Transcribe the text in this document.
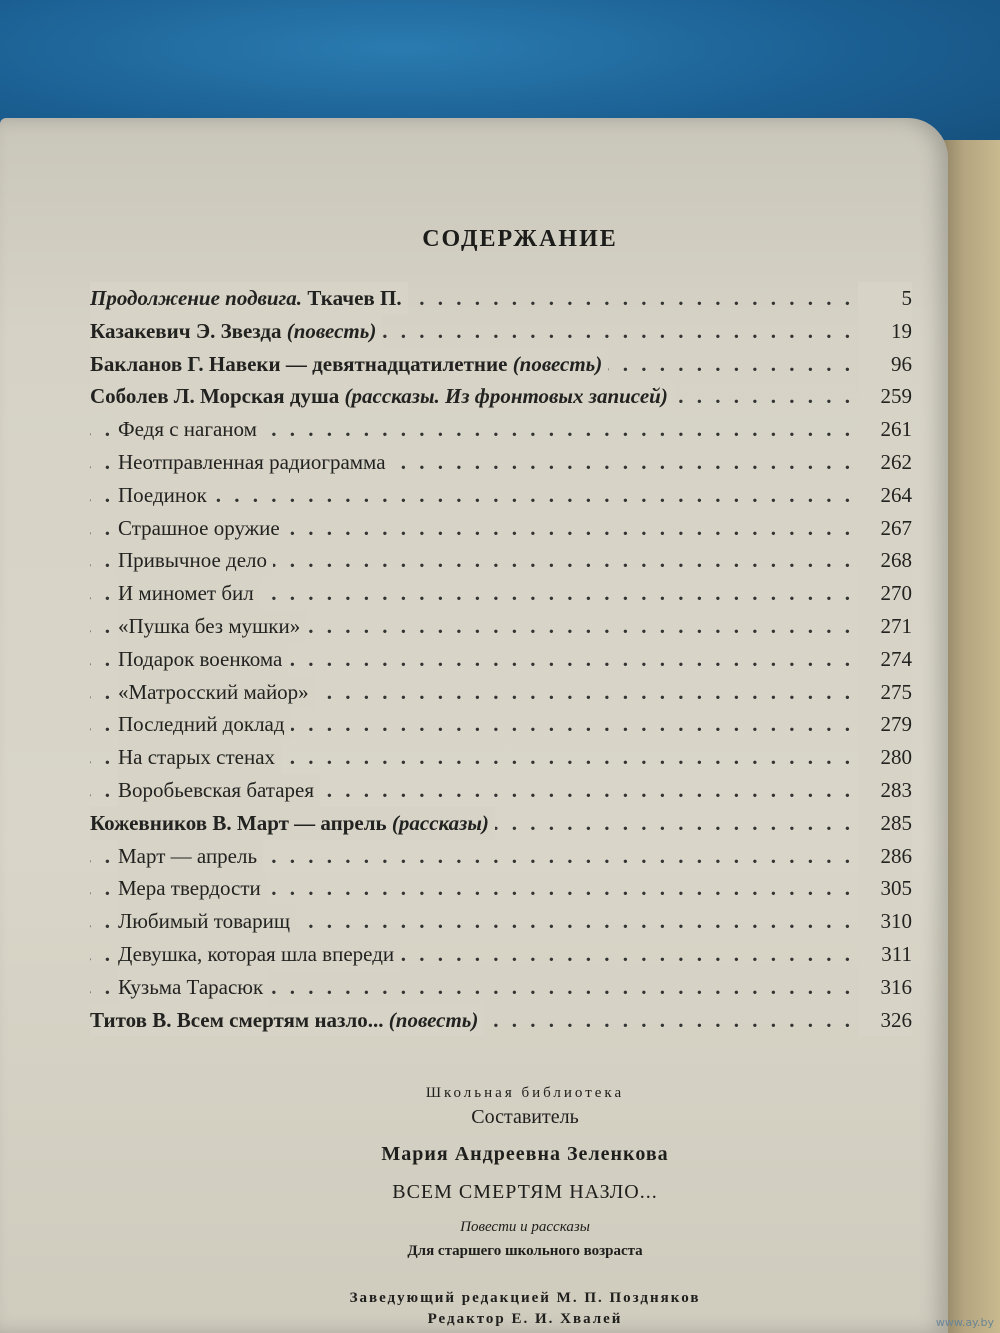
СОДЕРЖАНИЕ
. .
Продолжение подвига. Ткачев П.	5
. .
Казакевич Э. Звезда (повесть)	19
. .
Бакланов Г. Навеки — девятнадцатилетние (повесть)	96
. .
Соболев Л. Морская душа (рассказы. Из фронтовых записей)	259
. .
Федя с наганом	261
. .
Неотправленная радиограмма	262
. .
Поединок	264
. .
Страшное оружие	267
. .
Привычное дело	268
. .
И миномет бил	270
. .
«Пушка без мушки»	271
. .
Подарок военкома	274
. .
«Матросский майор»	275
. .
Последний доклад	279
. .
На старых стенах	280
. .
Воробьевская батарея	283
. .
Кожевников В. Март — апрель (рассказы)	285
. .
Март — апрель	286
. .
Мера твердости	305
. .
Любимый товарищ	310
. .
Девушка, которая шла впереди	311
. .
Кузьма Тарасюк	316
. .
Титов В. Всем смертям назло... (повесть)	326
Школьная библиотека
Составитель
Мария Андреевна Зеленкова
ВСЕМ СМЕРТЯМ НАЗЛО...
Повести и рассказы
Для старшего школьного возраста
Заведующий редакцией М. П. Поздняков
Редактор Е. И. Хвалей	www.ay.by
